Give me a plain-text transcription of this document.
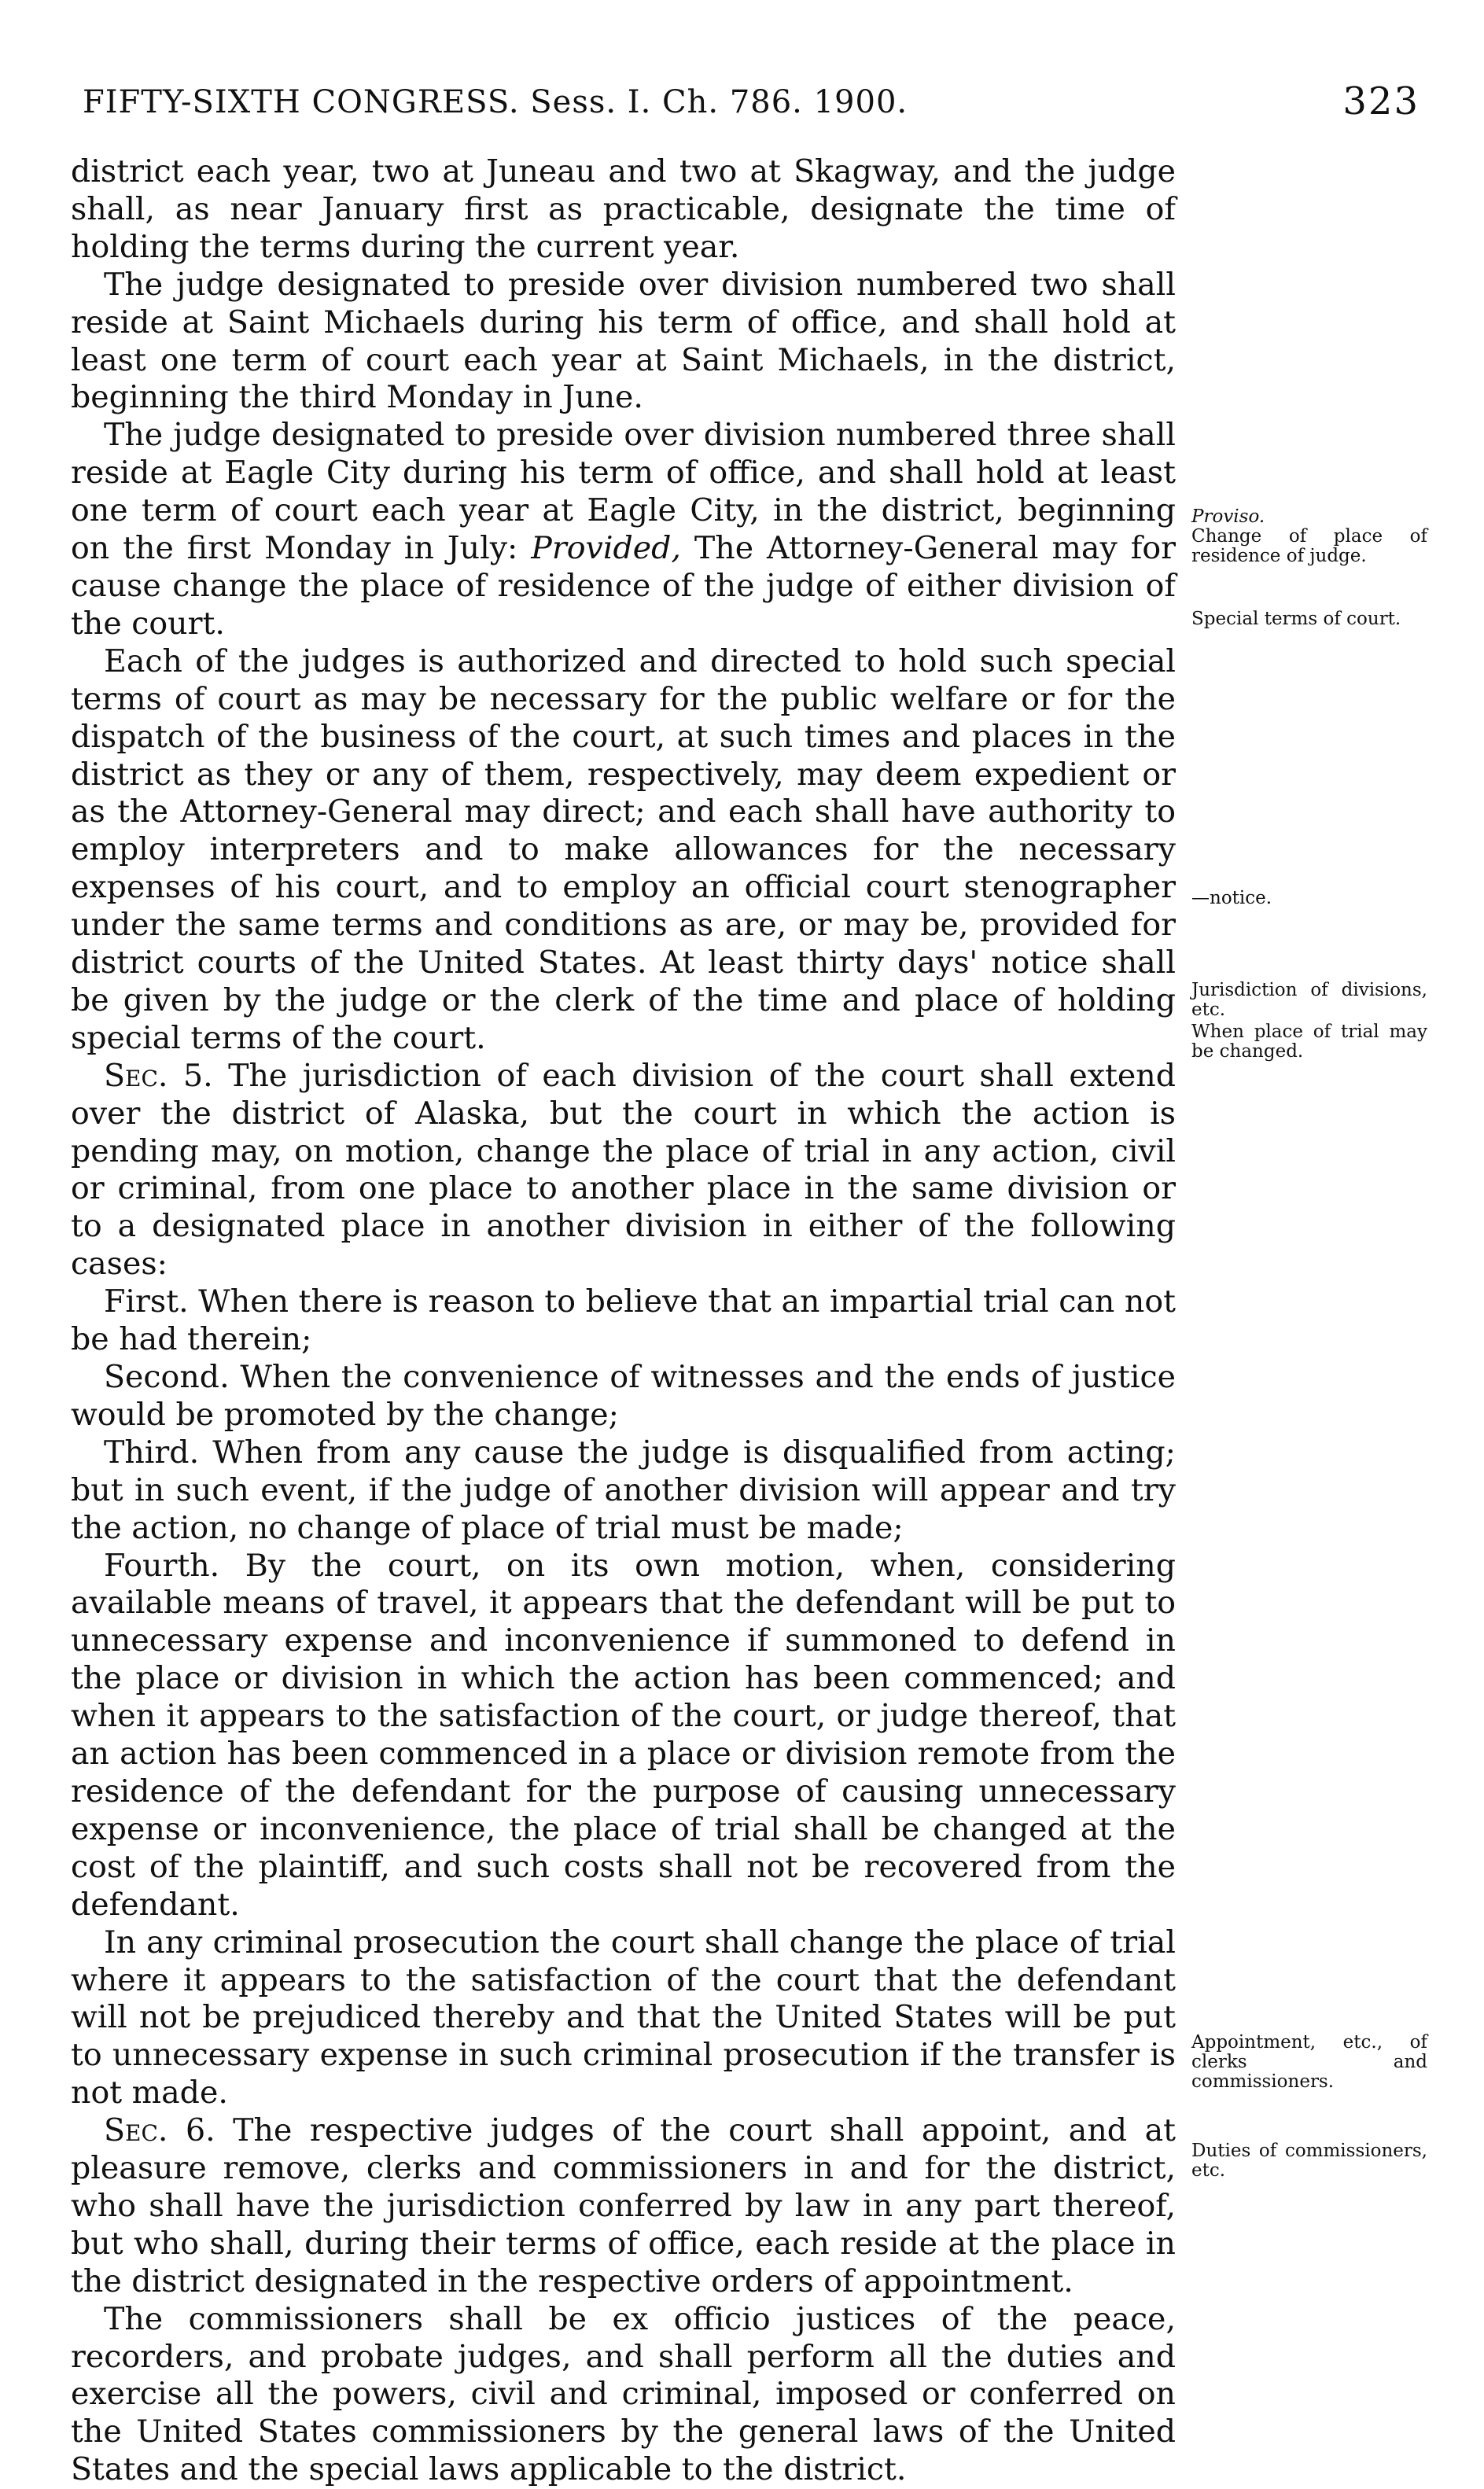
FIFTY-SIXTH CONGRESS. Sess. I. Ch. 786. 1900.	323

district each year, two at Juneau and two at Skagway, and the judge shall, as near January first as practicable, designate the time of holding the terms during the current year.

The judge designated to preside over division numbered two shall reside at Saint Michaels during his term of office, and shall hold at least one term of court each year at Saint Michaels, in the district, beginning the third Monday in June.

The judge designated to preside over division numbered three shall reside at Eagle City during his term of office, and shall hold at least one term of court each year at Eagle City, in the district, beginning on the first Monday in July: Provided, The Attorney-General may for cause change the place of residence of the judge of either division of the court.

Each of the judges is authorized and directed to hold such special terms of court as may be necessary for the public welfare or for the dispatch of the business of the court, at such times and places in the district as they or any of them, respectively, may deem expedient or as the Attorney-General may direct; and each shall have authority to employ interpreters and to make allowances for the necessary expenses of his court, and to employ an official court stenographer under the same terms and conditions as are, or may be, provided for district courts of the United States. At least thirty days' notice shall be given by the judge or the clerk of the time and place of holding special terms of the court.

Sec. 5. The jurisdiction of each division of the court shall extend over the district of Alaska, but the court in which the action is pending may, on motion, change the place of trial in any action, civil or criminal, from one place to another place in the same division or to a designated place in another division in either of the following cases:

First. When there is reason to believe that an impartial trial can not be had therein;

Second. When the convenience of witnesses and the ends of justice would be promoted by the change;

Third. When from any cause the judge is disqualified from acting; but in such event, if the judge of another division will appear and try the action, no change of place of trial must be made;

Fourth. By the court, on its own motion, when, considering available means of travel, it appears that the defendant will be put to unnecessary expense and inconvenience if summoned to defend in the place or division in which the action has been commenced; and when it appears to the satisfaction of the court, or judge thereof, that an action has been commenced in a place or division remote from the residence of the defendant for the purpose of causing unnecessary expense or inconvenience, the place of trial shall be changed at the cost of the plaintiff, and such costs shall not be recovered from the defendant.

In any criminal prosecution the court shall change the place of trial where it appears to the satisfaction of the court that the defendant will not be prejudiced thereby and that the United States will be put to unnecessary expense in such criminal prosecution if the transfer is not made.

Sec. 6. The respective judges of the court shall appoint, and at pleasure remove, clerks and commissioners in and for the district, who shall have the jurisdiction conferred by law in any part thereof, but who shall, during their terms of office, each reside at the place in the district designated in the respective orders of appointment.

The commissioners shall be ex officio justices of the peace, recorders, and probate judges, and shall perform all the duties and exercise all the powers, civil and criminal, imposed or conferred on the United States commissioners by the general laws of the United States and the special laws applicable to the district.

Proviso.
Change of place of residence of judge.
Special terms of court.
—notice.
Jurisdiction of divisions, etc.
When place of trial may be changed.
Appointment, etc., of clerks and commissioners.
Duties of commissioners, etc.
